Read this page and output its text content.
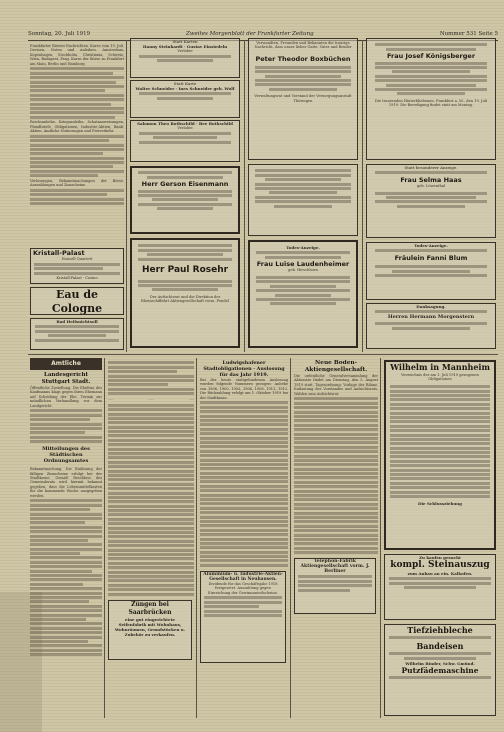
Sonntag, 20. Juli 1919	Zweites Morgenblatt der Frankfurter Zeitung	Nummer 531 Seite 5

Frankfurter Börsen-Nachrichten. Kurse vom 19. Juli. Devisen, Noten und Anleihen. Amsterdam, Kopenhagen, Stockholm, Christiania, Schweiz, Wien, Budapest, Prag. Kurse der Börse zu Frankfurt am Main, Berlin und Hamburg.

Reichsanleihe, Kriegsanleihe, Schatzanweisungen, Pfandbriefe, Obligationen, Industrie-Aktien, Bank-Aktien. Amtliche Notierungen und Freiverkehr.

Verlosungen, Bekanntmachungen der Börse. Auszahlungen und Zinsscheine.

Kristall-Palast
Honsell-Quartett
Kristall-Palast · Casino
Eau de Cologne
Bad Heilsnichtsoll
Statt Karten
Hanny Steinhardt · Gustav Einsiedeln
Verlobte
Statt Karte
Walter Schneider · Ines Schneider geb. Wolf
Salomon Theo Rothschild · Bee Rothschild
Verlobte
Herr Gerson Eisenmann
Herr Paul Rosehr
Der Aufsichtsrat und die Direktion der Rheinschiffahrt Aktiengesellschaft vorm. Fendel
Verwandten, Freunden und Bekannten die traurige Nachricht, dass unser lieber Gatte, Vater und Bruder
Peter Theodor Boxbüchen
Verwaltungsrat und Vorstand der Versorgungsanstalt Thüringen
Todes-Anzeige.
Frau Luise Laudenheimer
geb. Hirschhorn
Frau Josef Königsberger
Die trauernden Hinterbliebenen. Frankfurt a. M., den 19. Juli 1919. Die Beerdigung findet statt am Montag.
Statt besonderer Anzeige.
Frau Selma Haas
geb. Löwenthal
Todes-Anzeige.
Fräulein Fanni Blum
Danksagung.
Herren Hermann Morgenstern
Amtliche
Landesgericht Stuttgart Stadt.

Öffentliche Zustellung. Die Ehefrau des Kaufmanns klagt gegen ihren Ehemann auf Scheidung der Ehe. Termin zur mündlichen Verhandlung vor dem Landgericht.

Mitteilungen des Städtischen Ordnungsamtes

Bekanntmachung. Die Einlösung der fälligen Zinsscheine erfolgt bei der Stadtkasse. Gemäß Beschluss des Gemeinderats wird hiermit bekannt gegeben, dass die Lebensmittelkarten für die kommende Woche ausgegeben werden.

·····	·····	·····
Züngen bei Saarbrücken
eine gut eingerichtete Seifenfabrik mit Wohnhaus, Wohnräumen, Grundstücken u. Zubehör zu verkaufen.
Ludwigshafener Stadtobligationen · Auslosung für das Jahr 1919.

Bei der heute stattgefundenen Auslosung wurden folgende Nummern gezogen: Anleihe von 1896, 1900, 1903, 1906, 1908, 1911, 1913. Die Rückzahlung erfolgt am 1. Oktober 1919 bei der Stadtkasse.

Aluminium- u. Industrie-Aktien-Gesellschaft in Neuhausen.
Dividende für das Geschäftsjahr 1918 festgesetzt. Auszahlung gegen Einreichung der Gewinnanteilscheine.
Neue Boden-Aktiengesellschaft.

Die ordentliche Generalversammlung der Aktionäre findet am Dienstag, den 5. August 1919 statt. Tagesordnung: Vorlage der Bilanz, Entlastung des Vorstandes und Aufsichtsrats, Wahlen zum Aufsichtsrat.

Telephon-Fabrik Aktiengesellschaft vorm. J. Berliner
Wilhelm in Mannheim
Verzeichnis der am 1. Juli 1919 gezogenen Obligationen
Die Schlussziehung
Zu kaufen gesucht
kompl. Steinauszug
zum Anbau an ein. Kalkofen.
Tiefziehbleche
Bandeisen
Wilhelm Binder, Schw. Gmünd.
Putzfädemaschine
